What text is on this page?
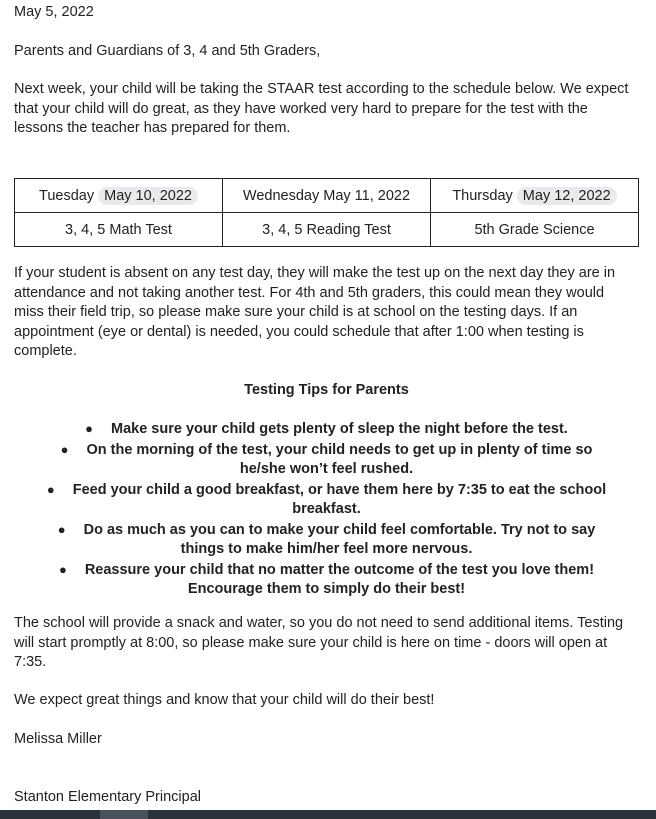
May 5, 2022

Parents and Guardians of 3, 4 and 5th Graders,

Next week, your child will be taking the STAAR test according to the schedule below. We expect that your child will do great, as they have worked very hard to prepare for the test with the lessons the teacher has prepared for them.

Tuesday May 10, 2022	Wednesday May 11, 2022	Thursday May 12, 2022
3, 4, 5 Math Test	3, 4, 5 Reading Test	5th Grade Science

If your student is absent on any test day, they will make the test up on the next day they are in attendance and not taking another test. For 4th and 5th graders, this could mean they would miss their field trip, so please make sure your child is at school on the testing days. If an appointment (eye or dental) is needed, you could schedule that after 1:00 when testing is complete.

Testing Tips for Parents
● Make sure your child gets plenty of sleep the night before the test.
● On the morning of the test, your child needs to get up in plenty of time so he/she won’t feel rushed.
● Feed your child a good breakfast, or have them here by 7:35 to eat the school breakfast.
● Do as much as you can to make your child feel comfortable. Try not to say things to make him/her feel more nervous.
● Reassure your child that no matter the outcome of the test you love them! Encourage them to simply do their best!

The school will provide a snack and water, so you do not need to send additional items. Testing will start promptly at 8:00, so please make sure your child is here on time - doors will open at 7:35.

We expect great things and know that your child will do their best!

Melissa Miller

Stanton Elementary Principal
